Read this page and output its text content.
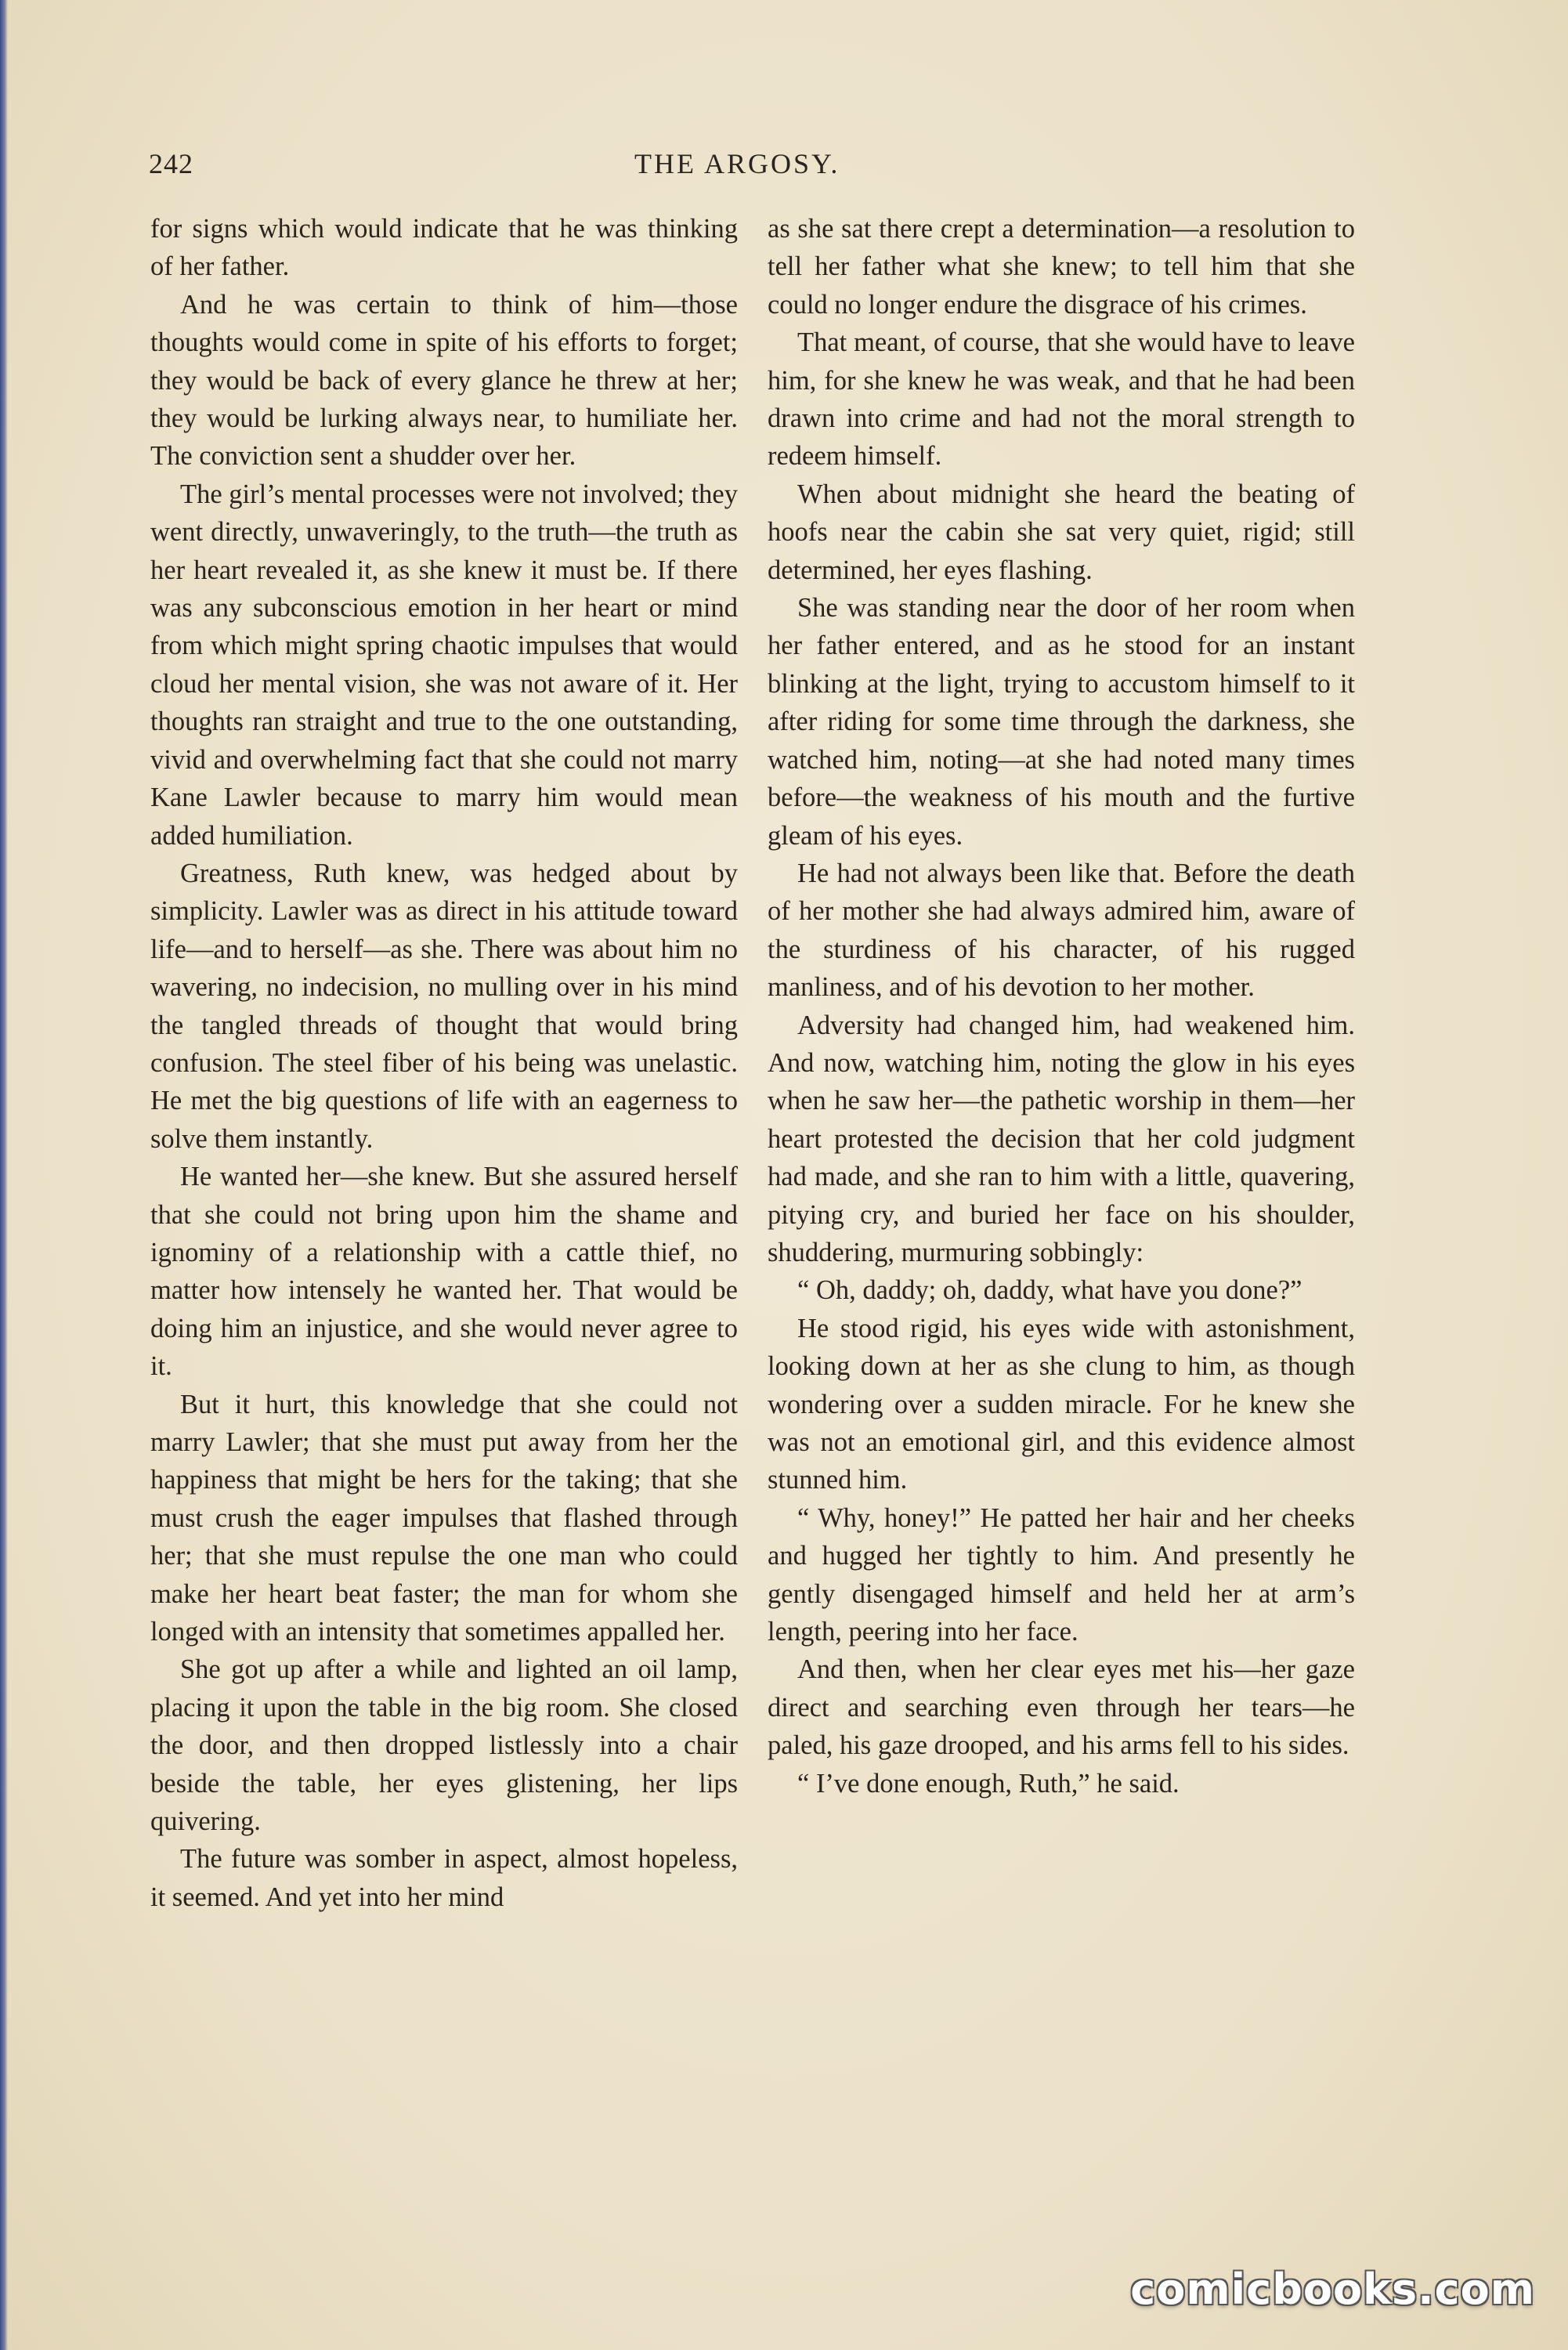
242	THE ARGOSY.

for signs which would indicate that he was thinking of her father.

And he was certain to think of him—those thoughts would come in spite of his efforts to forget; they would be back of every glance he threw at her; they would be lurking always near, to humiliate her. The conviction sent a shudder over her.

The girl’s mental processes were not involved; they went directly, unwaveringly, to the truth—the truth as her heart revealed it, as she knew it must be. If there was any subconscious emotion in her heart or mind from which might spring chaotic impulses that would cloud her mental vision, she was not aware of it. Her thoughts ran straight and true to the one outstanding, vivid and overwhelming fact that she could not marry Kane Lawler because to marry him would mean added humiliation.

Greatness, Ruth knew, was hedged about by simplicity. Lawler was as direct in his attitude toward life—and to herself—as she. There was about him no wavering, no indecision, no mulling over in his mind the tangled threads of thought that would bring confusion. The steel fiber of his being was unelastic. He met the big questions of life with an eagerness to solve them instantly.

He wanted her—she knew. But she assured herself that she could not bring upon him the shame and ignominy of a relationship with a cattle thief, no matter how intensely he wanted her. That would be doing him an injustice, and she would never agree to it.

But it hurt, this knowledge that she could not marry Lawler; that she must put away from her the happiness that might be hers for the taking; that she must crush the eager impulses that flashed through her; that she must repulse the one man who could make her heart beat faster; the man for whom she longed with an intensity that sometimes appalled her.

She got up after a while and lighted an oil lamp, placing it upon the table in the big room. She closed the door, and then dropped listlessly into a chair beside the table, her eyes glistening, her lips quivering.

The future was somber in aspect, almost hopeless, it seemed. And yet into her mind

as she sat there crept a determination—a resolution to tell her father what she knew; to tell him that she could no longer endure the disgrace of his crimes.

That meant, of course, that she would have to leave him, for she knew he was weak, and that he had been drawn into crime and had not the moral strength to redeem himself.

When about midnight she heard the beating of hoofs near the cabin she sat very quiet, rigid; still determined, her eyes flashing.

She was standing near the door of her room when her father entered, and as he stood for an instant blinking at the light, trying to accustom himself to it after riding for some time through the darkness, she watched him, noting—at she had noted many times before—the weakness of his mouth and the furtive gleam of his eyes.

He had not always been like that. Before the death of her mother she had always admired him, aware of the sturdiness of his character, of his rugged manliness, and of his devotion to her mother.

Adversity had changed him, had weakened him. And now, watching him, noting the glow in his eyes when he saw her—the pathetic worship in them—her heart protested the decision that her cold judgment had made, and she ran to him with a little, quavering, pitying cry, and buried her face on his shoulder, shuddering, murmuring sobbingly:

“ Oh, daddy; oh, daddy, what have you done?”

He stood rigid, his eyes wide with astonishment, looking down at her as she clung to him, as though wondering over a sudden miracle. For he knew she was not an emotional girl, and this evidence almost stunned him.

“ Why, honey!” He patted her hair and her cheeks and hugged her tightly to him. And presently he gently disengaged himself and held her at arm’s length, peering into her face.

And then, when her clear eyes met his—her gaze direct and searching even through her tears—he paled, his gaze drooped, and his arms fell to his sides.

“ I’ve done enough, Ruth,” he said.

comicbooks.com
